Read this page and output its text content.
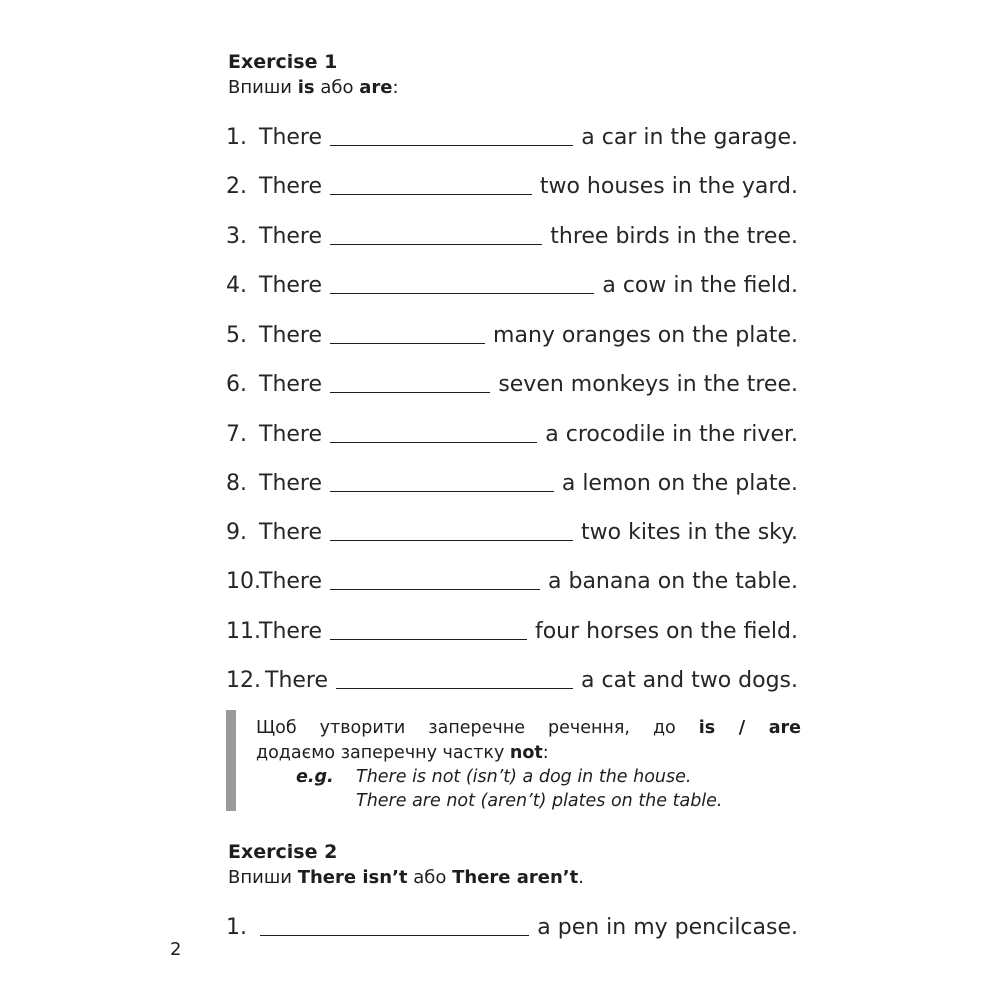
Exercise 1

Впиши is або are:

1. There	a car in the garage.
2. There	two houses in the yard.
3. There	three birds in the tree.
4. There	a cow in the field.
5. There	many oranges on the plate.
6. There	seven monkeys in the tree.
7. There	a crocodile in the river.
8. There	a lemon on the plate.
9. There	two kites in the sky.
10.There	a banana on the table.
11.There	four horses on the field.
12. There	a cat and two dogs.
Щоб утворити заперечне речення, до is / are
додаємо заперечну частку not:
e.g. There is not (isn’t) a dog in the house.
There are not (aren’t) plates on the table.
Exercise 2

Впиши There isn’t або There aren’t.

1.	a pen in my pencilcase.
2
